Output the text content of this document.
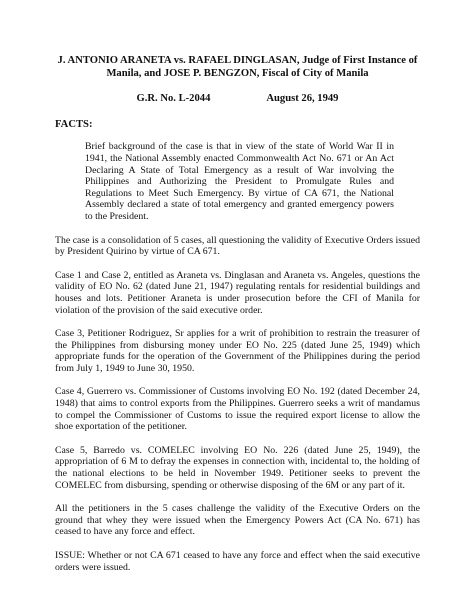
J. ANTONIO ARANETA vs. RAFAEL DINGLASAN, Judge of First Instance of

Manila, and JOSE P. BENGZON, Fiscal of City of Manila

G.R. No. L-2044	August 26, 1949
FACTS:

Brief background of the case is that in view of the state of World War II in 1941, the National Assembly enacted Commonwealth Act No. 671 or An Act Declaring A State of Total Emergency as a result of War involving the Philippines and Authorizing the President to Promulgate Rules and Regulations to Meet Such Emergency. By virtue of CA 671, the National Assembly declared a state of total emergency and granted emergency powers to the President.

The case is a consolidation of 5 cases, all questioning the validity of Executive Orders issued by President Quirino by virtue of CA 671.

Case 1 and Case 2, entitled as Araneta vs. Dinglasan and Araneta vs. Angeles, questions the validity of EO No. 62 (dated June 21, 1947) regulating rentals for residential buildings and houses and lots. Petitioner Araneta is under prosecution before the CFI of Manila for violation of the provision of the said executive order.

Case 3, Petitioner Rodriguez, Sr applies for a writ of prohibition to restrain the treasurer of the Philippines from disbursing money under EO No. 225 (dated June 25, 1949) which appropriate funds for the operation of the Government of the Philippines during the period from July 1, 1949 to June 30, 1950.

Case 4, Guerrero vs. Commissioner of Customs involving EO No. 192 (dated December 24, 1948) that aims to control exports from the Philippines. Guerrero seeks a writ of mandamus to compel the Commissioner of Customs to issue the required export license to allow the shoe exportation of the petitioner.

Case 5, Barredo vs. COMELEC involving EO No. 226 (dated June 25, 1949), the appropriation of 6 M to defray the expenses in connection with, incidental to, the holding of the national elections to be held in November 1949. Petitioner seeks to prevent the COMELEC from disbursing, spending or otherwise disposing of the 6M or any part of it.

All the petitioners in the 5 cases challenge the validity of the Executive Orders on the ground that whey they were issued when the Emergency Powers Act (CA No. 671) has ceased to have any force and effect.

ISSUE: Whether or not CA 671 ceased to have any force and effect when the said executive orders were issued.
